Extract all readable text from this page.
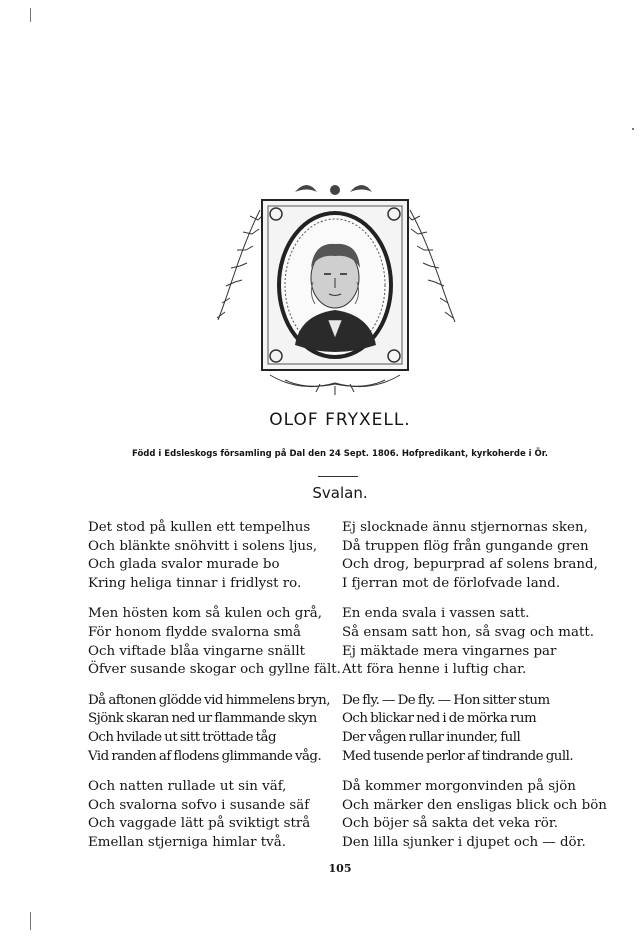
OLOF FRYXELL.
Född i Edsleskogs församling på Dal den 24 Sept. 1806. Hofpredikant, kyrkoherde i Ör.
Svalan.
Det stod på kullen ett tempelhus
Och blänkte snöhvitt i solens ljus,
Och glada svalor murade bo
Kring heliga tinnar i fridlyst ro.
Men hösten kom så kulen och grå,
För honom flydde svalorna små
Och viftade blåa vingarne snällt
Öfver susande skogar och gyllne fält.
Då aftonen glödde vid himmelens bryn,
Sjönk skaran ned ur flammande skyn
Och hvilade ut sitt tröttade tåg
Vid randen af flodens glimmande våg.
Och natten rullade ut sin väf,
Och svalorna sofvo i susande säf
Och vaggade lätt på sviktigt strå
Emellan stjerniga himlar två.
Ej slocknade ännu stjernornas sken,
Då truppen flög från gungande gren
Och drog, bepurprad af solens brand,
I fjerran mot de förlofvade land.
En enda svala i vassen satt.
Så ensam satt hon, så svag och matt.
Ej mäktade mera vingarnes par
Att föra henne i luftig char.
De fly. — De fly. — Hon sitter stum
Och blickar ned i de mörka rum
Der vågen rullar inunder, full
Med tusende perlor af tindrande gull.
Då kommer morgonvinden på sjön
Och märker den ensligas blick och bön
Och böjer så sakta det veka rör.
Den lilla sjunker i djupet och — dör.
105
